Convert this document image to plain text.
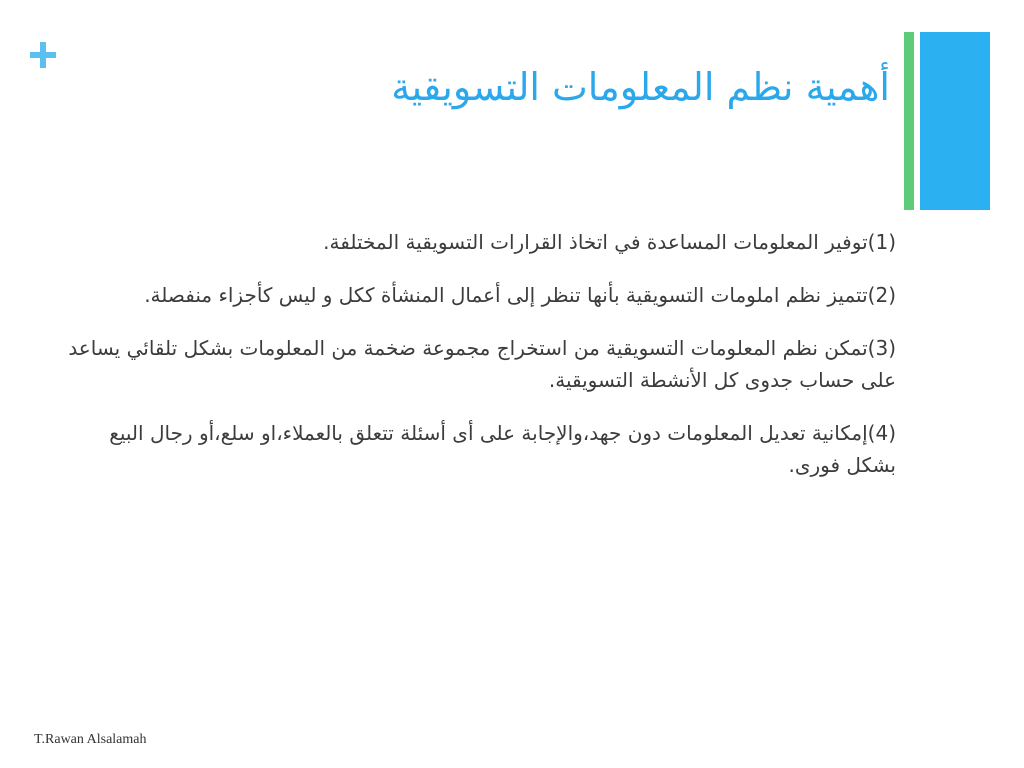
أهمية نظم المعلومات التسويقية
(1)توفير المعلومات المساعدة في اتخاذ القرارات التسويقية المختلفة.
(2)تتميز نظم املومات التسويقية بأنها تنظر إلى أعمال المنشأة ككل و ليس كأجزاء منفصلة.
(3)تمكن نظم المعلومات التسويقية من استخراج مجموعة ضخمة من المعلومات بشكل تلقائي يساعد على حساب جدوى كل الأنشطة التسويقية.
(4)إمكانية تعديل المعلومات دون جهد،والإجابة على أى أسئلة تتعلق بالعملاء،او سلع،أو رجال البيع بشكل فورى.
T.Rawan Alsalamah
